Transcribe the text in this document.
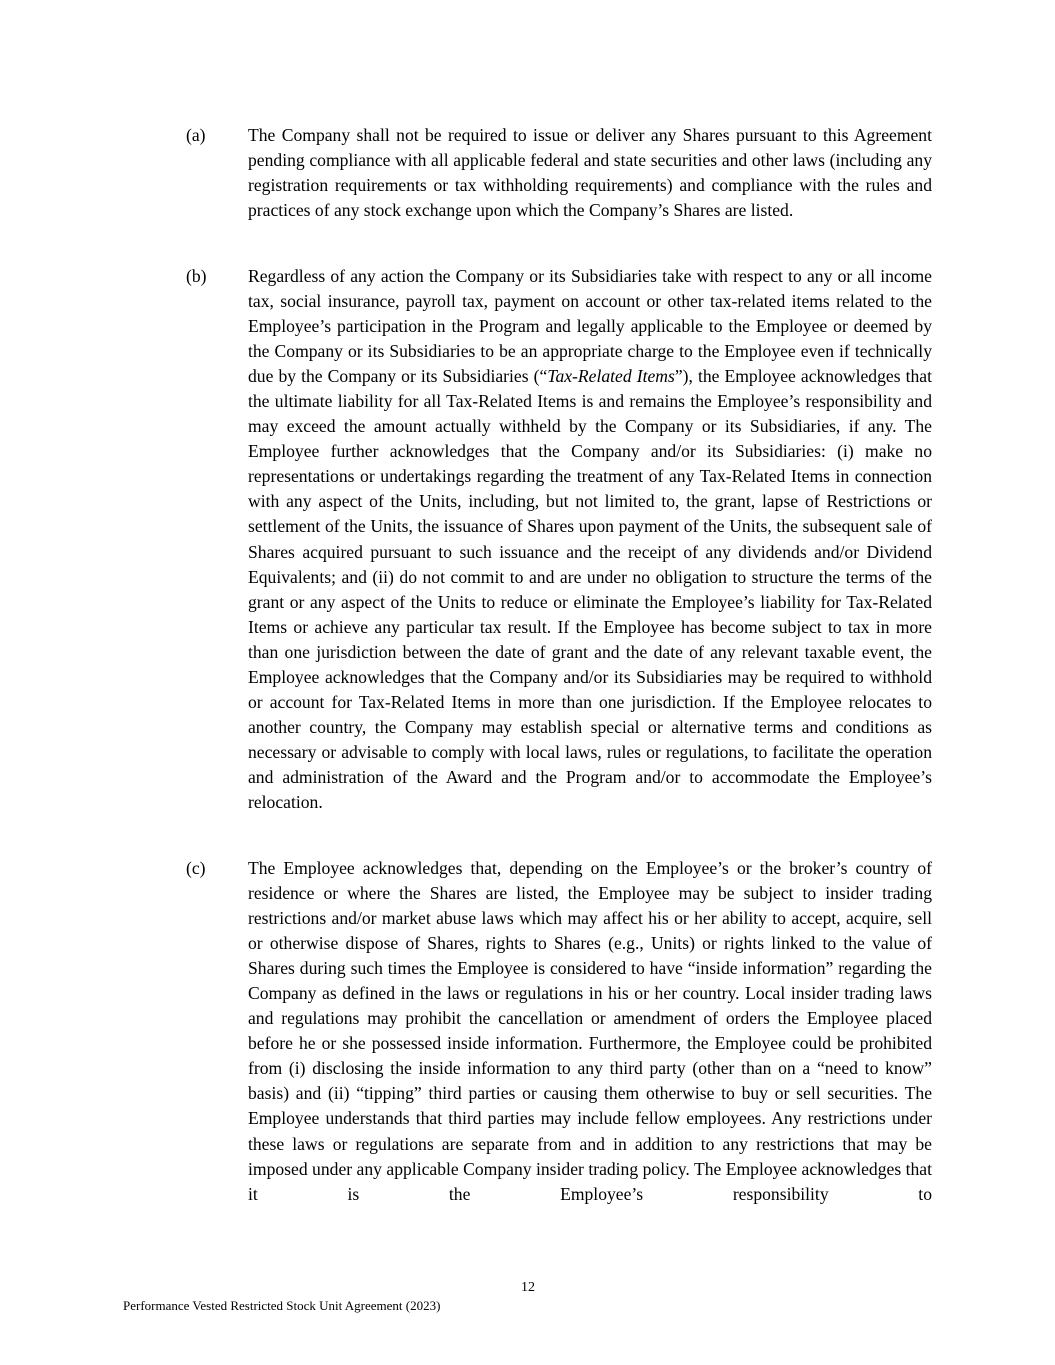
(a) The Company shall not be required to issue or deliver any Shares pursuant to this Agreement pending compliance with all applicable federal and state securities and other laws (including any registration requirements or tax withholding requirements) and compliance with the rules and practices of any stock exchange upon which the Company’s Shares are listed.
(b) Regardless of any action the Company or its Subsidiaries take with respect to any or all income tax, social insurance, payroll tax, payment on account or other tax-related items related to the Employee’s participation in the Program and legally applicable to the Employee or deemed by the Company or its Subsidiaries to be an appropriate charge to the Employee even if technically due by the Company or its Subsidiaries (“Tax-Related Items”), the Employee acknowledges that the ultimate liability for all Tax-Related Items is and remains the Employee’s responsibility and may exceed the amount actually withheld by the Company or its Subsidiaries, if any. The Employee further acknowledges that the Company and/or its Subsidiaries: (i) make no representations or undertakings regarding the treatment of any Tax-Related Items in connection with any aspect of the Units, including, but not limited to, the grant, lapse of Restrictions or settlement of the Units, the issuance of Shares upon payment of the Units, the subsequent sale of Shares acquired pursuant to such issuance and the receipt of any dividends and/or Dividend Equivalents; and (ii) do not commit to and are under no obligation to structure the terms of the grant or any aspect of the Units to reduce or eliminate the Employee’s liability for Tax-Related Items or achieve any particular tax result. If the Employee has become subject to tax in more than one jurisdiction between the date of grant and the date of any relevant taxable event, the Employee acknowledges that the Company and/or its Subsidiaries may be required to withhold or account for Tax-Related Items in more than one jurisdiction. If the Employee relocates to another country, the Company may establish special or alternative terms and conditions as necessary or advisable to comply with local laws, rules or regulations, to facilitate the operation and administration of the Award and the Program and/or to accommodate the Employee’s relocation.
(c) The Employee acknowledges that, depending on the Employee’s or the broker’s country of residence or where the Shares are listed, the Employee may be subject to insider trading restrictions and/or market abuse laws which may affect his or her ability to accept, acquire, sell or otherwise dispose of Shares, rights to Shares (e.g., Units) or rights linked to the value of Shares during such times the Employee is considered to have “inside information” regarding the Company as defined in the laws or regulations in his or her country. Local insider trading laws and regulations may prohibit the cancellation or amendment of orders the Employee placed before he or she possessed inside information. Furthermore, the Employee could be prohibited from (i) disclosing the inside information to any third party (other than on a “need to know” basis) and (ii) “tipping” third parties or causing them otherwise to buy or sell securities. The Employee understands that third parties may include fellow employees. Any restrictions under these laws or regulations are separate from and in addition to any restrictions that may be imposed under any applicable Company insider trading policy. The Employee acknowledges that it is the Employee’s responsibility to
12
Performance Vested Restricted Stock Unit Agreement (2023)
